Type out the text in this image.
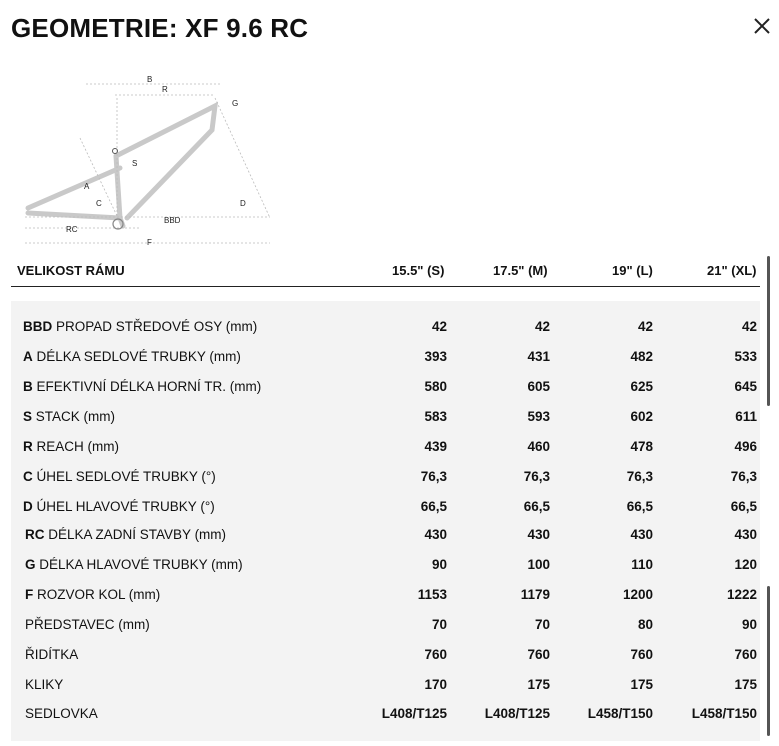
GEOMETRIE: XF 9.6 RC
B
R
G
S
A
C	D
BBD
RC
F
VELIKOST RÁMU	15.5" (S)	17.5" (M)	19" (L)	21" (XL)
BBD PROPAD STŘEDOVÉ OSY (mm)	42	42	42	42
A DÉLKA SEDLOVÉ TRUBKY (mm)	393	431	482	533
B EFEKTIVNÍ DÉLKA HORNÍ TR. (mm)	580	605	625	645
S STACK (mm)	583	593	602	611
R REACH (mm)	439	460	478	496
C ÚHEL SEDLOVÉ TRUBKY (°)	76,3	76,3	76,3	76,3
D ÚHEL HLAVOVÉ TRUBKY (°)	66,5	66,5	66,5	66,5
RC DÉLKA ZADNÍ STAVBY (mm)	430	430	430	430
G DÉLKA HLAVOVÉ TRUBKY (mm)	90	100	110	120
F ROZVOR KOL (mm)	1153	1179	1200	1222
PŘEDSTAVEC (mm)	70	70	80	90
ŘIDÍTKA	760	760	760	760
KLIKY	170	175	175	175
SEDLOVKA	L408/T125	L408/T125	L458/T150	L458/T150
